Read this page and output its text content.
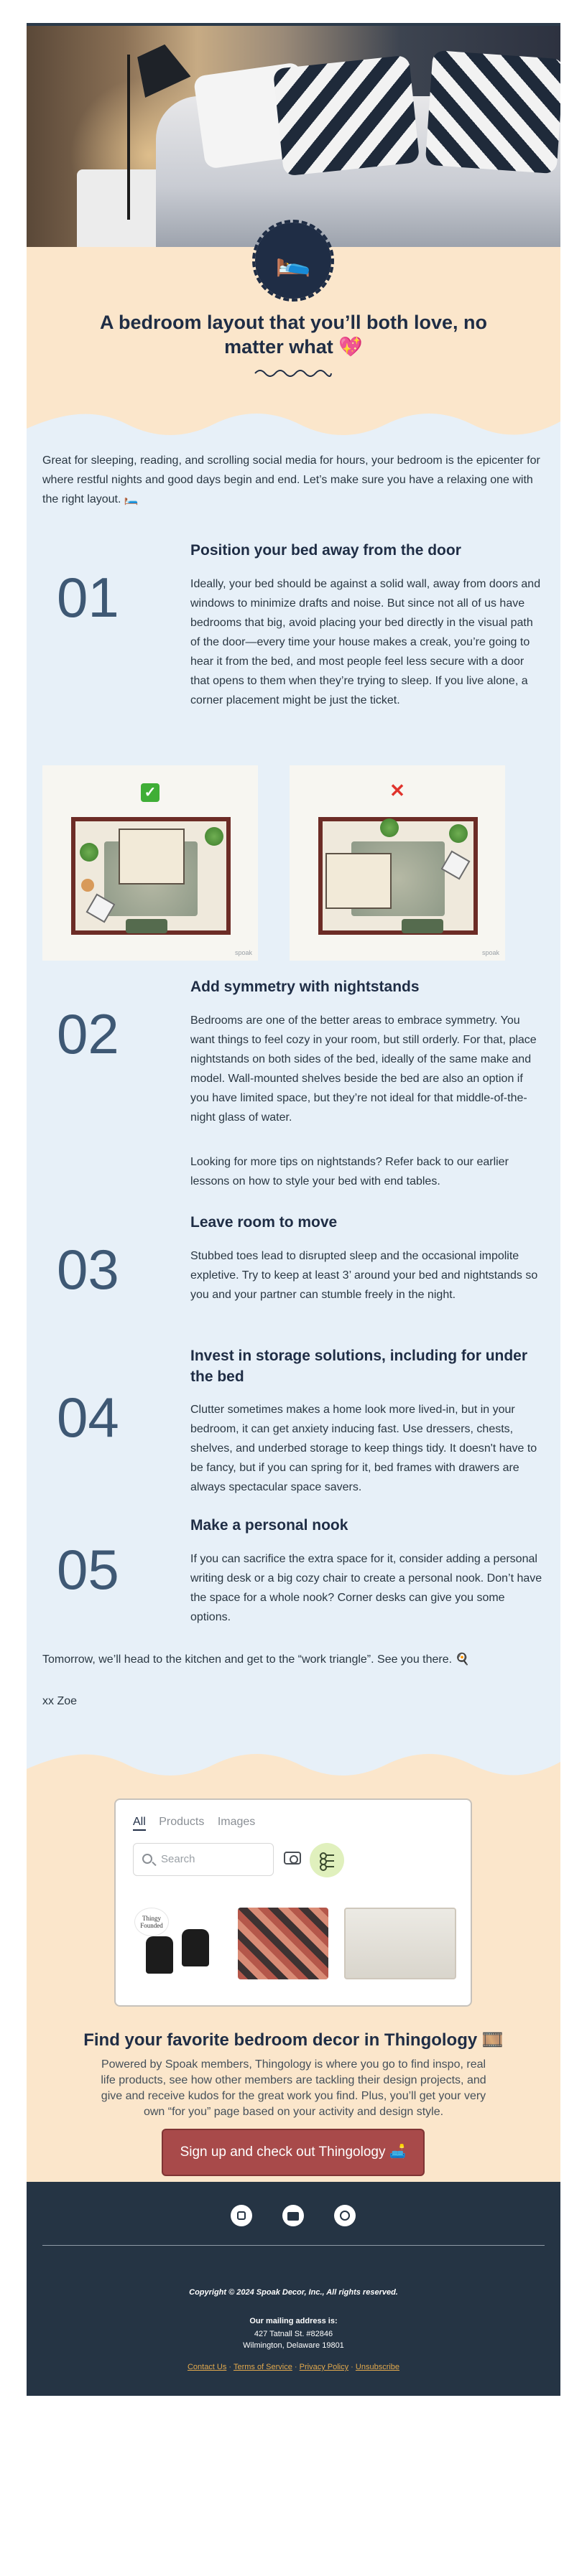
🛌
A bedroom layout that you’ll both love, no matter what 💖

Great for sleeping, reading, and scrolling social media for hours, your bedroom is the epicenter for where restful nights and good days begin and end. Let’s make sure you have a relaxing one with the right layout. 🛏️

01
Position your bed away from the door

Ideally, your bed should be against a solid wall, away from doors and windows to minimize drafts and noise. But since not all of us have bedrooms that big, avoid placing your bed directly in the visual path of the door—every time your house makes a creak, you’re going to hear it from the bed, and most people feel less secure with a door that opens to them when they’re trying to sleep. If you live alone, a corner placement might be just the ticket.

✓
spoak
✕
spoak
02
Add symmetry with nightstands

Bedrooms are one of the better areas to embrace symmetry. You want things to feel cozy in your room, but still orderly. For that, place nightstands on both sides of the bed, ideally of the same make and model. Wall-mounted shelves beside the bed are also an option if you have limited space, but they’re not ideal for that middle-of-the-night glass of water.

Looking for more tips on nightstands? Refer back to our earlier lessons on how to style your bed with end tables.

03
Leave room to move

Stubbed toes lead to disrupted sleep and the occasional impolite expletive. Try to keep at least 3’ around your bed and nightstands so you and your partner can stumble freely in the night.

04
Invest in storage solutions, including for under the bed

Clutter sometimes makes a home look more lived-in, but in your bedroom, it can get anxiety inducing fast. Use dressers, chests, shelves, and underbed storage to keep things tidy. It doesn't have to be fancy, but if you can spring for it, bed frames with drawers are always spectacular space savers.

05
Make a personal nook

If you can sacrifice the extra space for it, consider adding a personal writing desk or a big cozy chair to create a personal nook. Don’t have the space for a whole nook? Corner desks can give you some options.

Tomorrow, we’ll head to the kitchen and get to the “work triangle”. See you there. 🍳

xx Zoe

All Products Images
Search
Thingy Founded
Find your favorite bedroom decor in Thingology 🎞️

Powered by Spoak members, Thingology is where you go to find inspo, real life products, see how other members are tackling their design projects, and give and receive kudos for the great work you find. Plus, you’ll get your very own “for you” page based on your activity and design style.

Sign up and check out Thingology 🛋️

Copyright © 2024 Spoak Decor, Inc., All rights reserved.

Our mailing address is:

427 Tatnall St. #82846

Wilmington, Delaware 19801

Contact Us · Terms of Service · Privacy Policy · Unsubscribe
